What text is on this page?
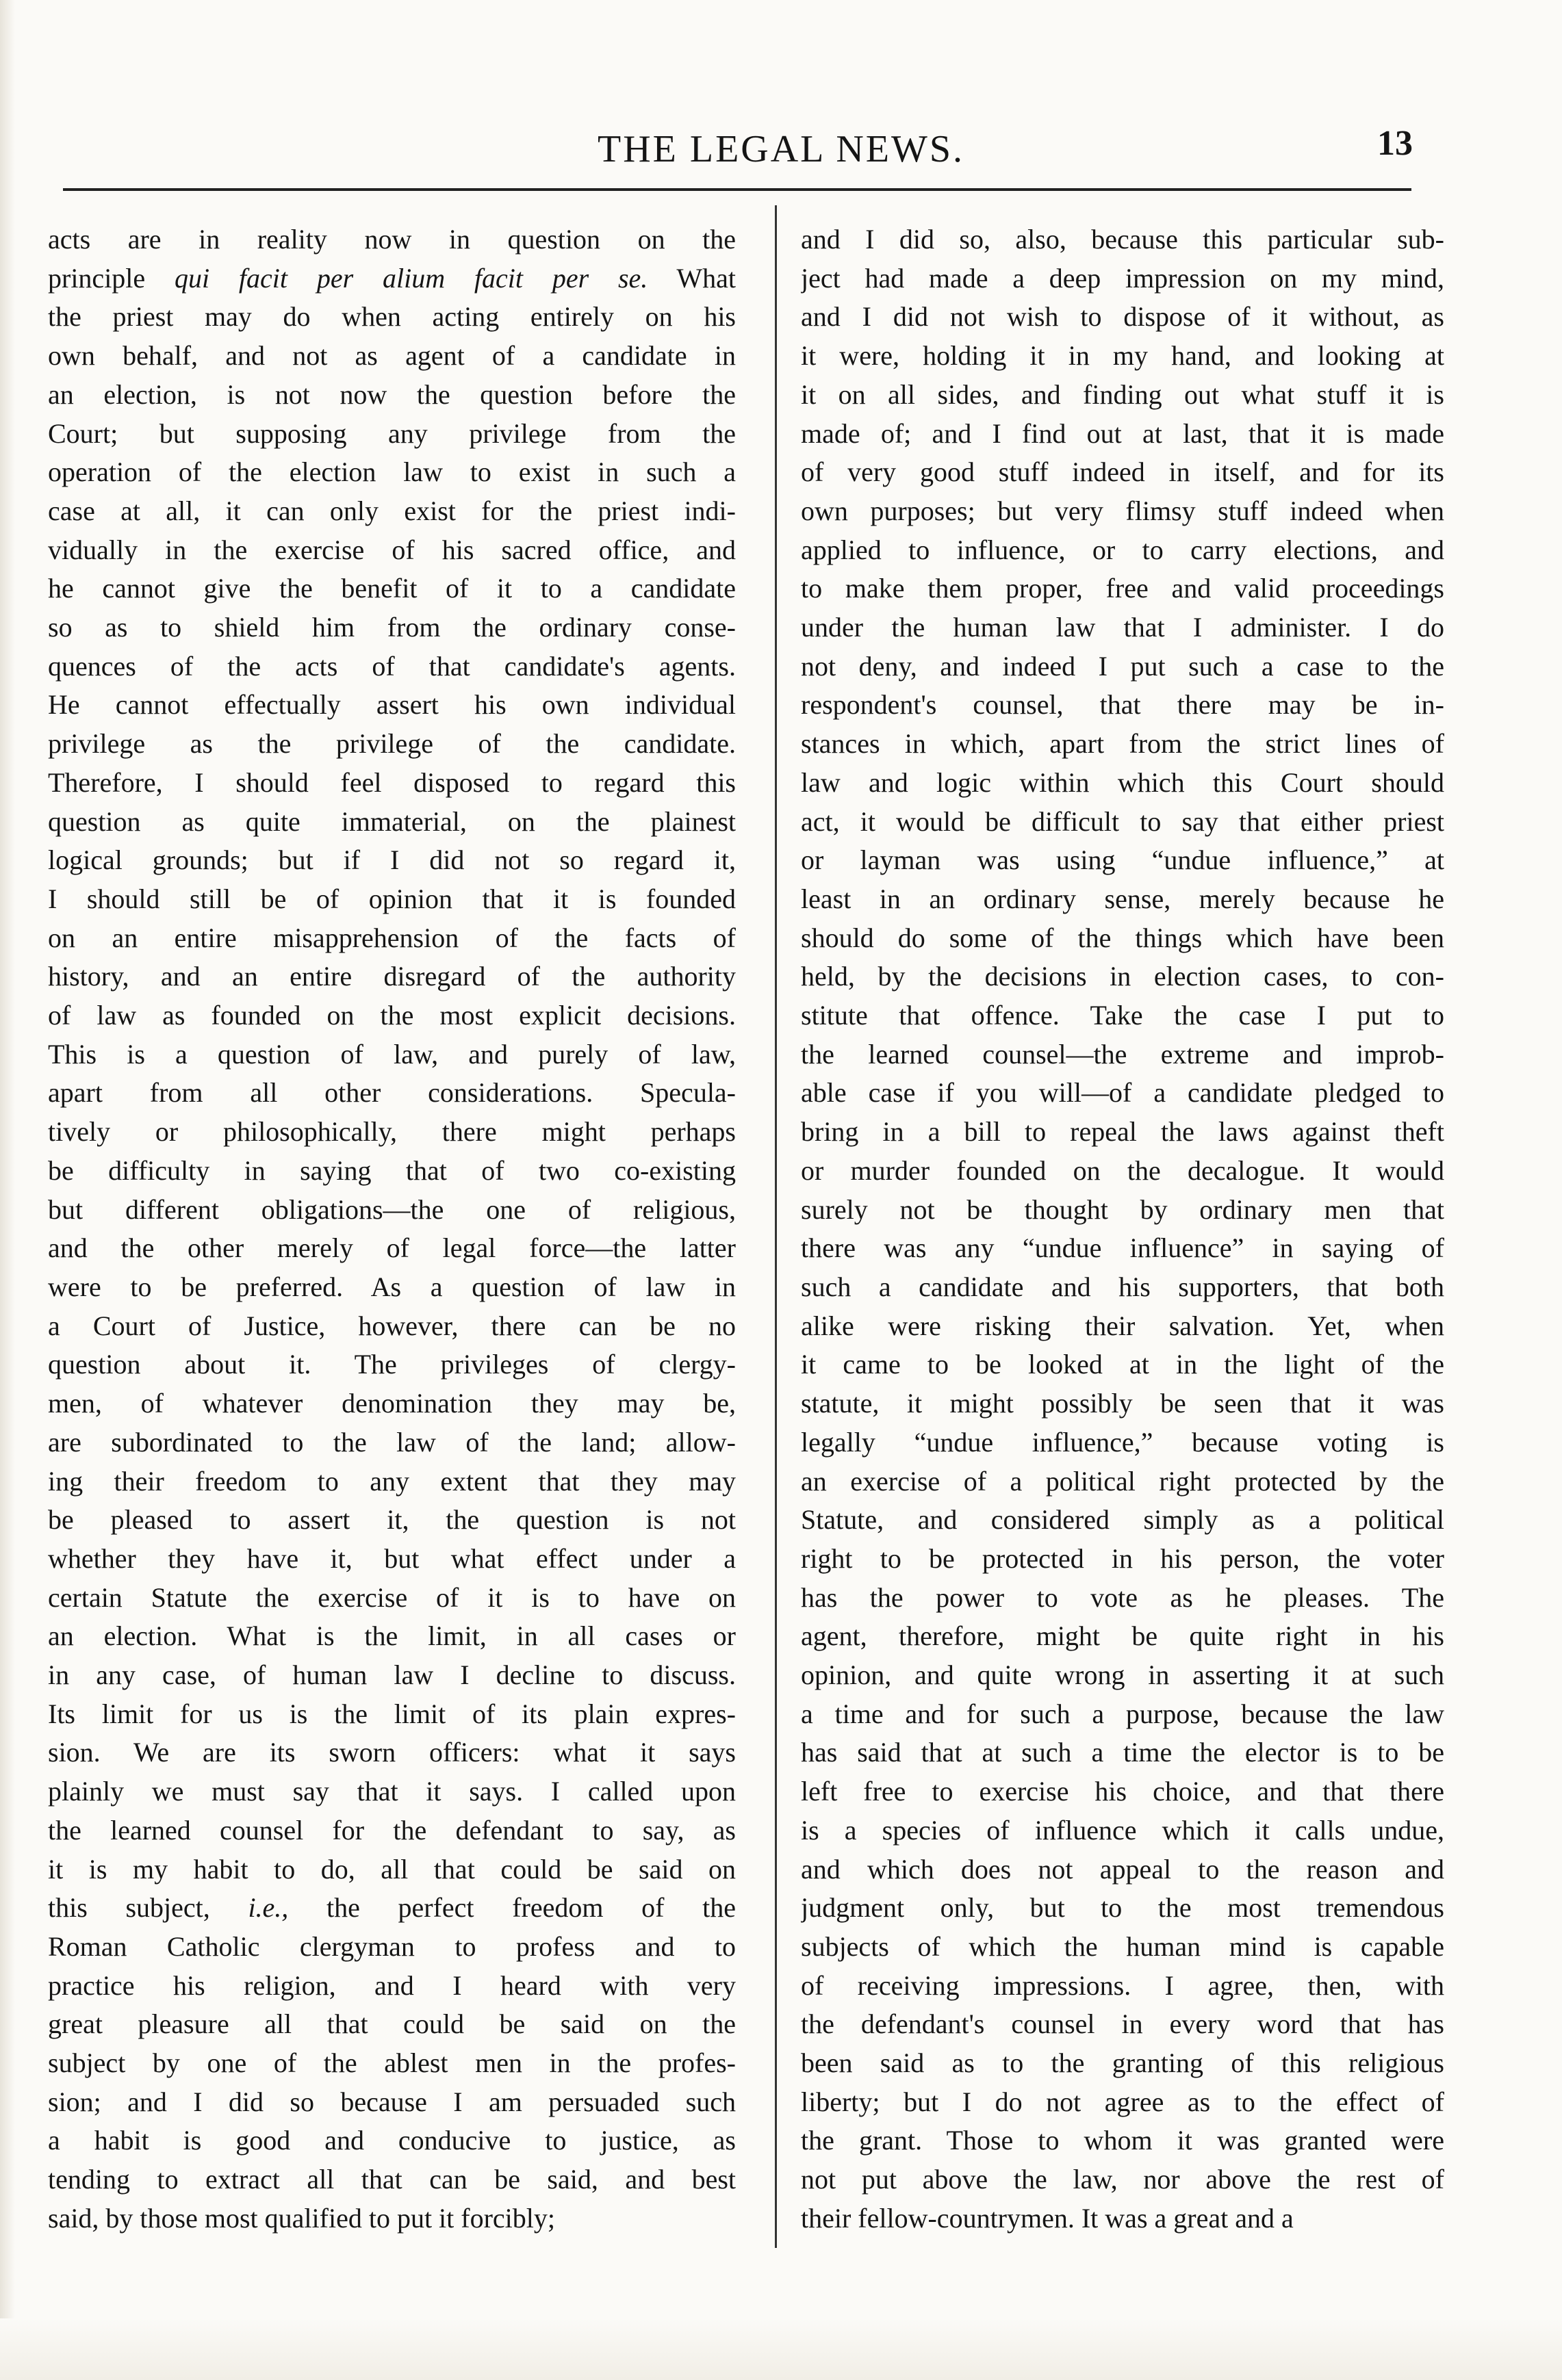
THE LEGAL NEWS.	13
acts are in reality now in question on the
principle qui facit per alium facit per se. What
the priest may do when acting entirely on his
own behalf, and not as agent of a candidate in
an election, is not now the question before the
Court; but supposing any privilege from the
operation of the election law to exist in such a
case at all, it can only exist for the priest indi-
vidually in the exercise of his sacred office, and
he cannot give the benefit of it to a candidate
so as to shield him from the ordinary conse-
quences of the acts of that candidate's agents.
He cannot effectually assert his own individual
privilege as the privilege of the candidate.
Therefore, I should feel disposed to regard this
question as quite immaterial, on the plainest
logical grounds; but if I did not so regard it,
I should still be of opinion that it is founded
on an entire misapprehension of the facts of
history, and an entire disregard of the authority
of law as founded on the most explicit decisions.
This is a question of law, and purely of law,
apart from all other considerations. Specula-
tively or philosophically, there might perhaps
be difficulty in saying that of two co-existing
but different obligations—the one of religious,
and the other merely of legal force—the latter
were to be preferred. As a question of law in
a Court of Justice, however, there can be no
question about it. The privileges of clergy-
men, of whatever denomination they may be,
are subordinated to the law of the land; allow-
ing their freedom to any extent that they may
be pleased to assert it, the question is not
whether they have it, but what effect under a
certain Statute the exercise of it is to have on
an election. What is the limit, in all cases or
in any case, of human law I decline to discuss.
Its limit for us is the limit of its plain expres-
sion. We are its sworn officers: what it says
plainly we must say that it says. I called upon
the learned counsel for the defendant to say, as
it is my habit to do, all that could be said on
this subject, i.e., the perfect freedom of the
Roman Catholic clergyman to profess and to
practice his religion, and I heard with very
great pleasure all that could be said on the
subject by one of the ablest men in the profes-
sion; and I did so because I am persuaded such
a habit is good and conducive to justice, as
tending to extract all that can be said, and best
said, by those most qualified to put it forcibly;
and I did so, also, because this particular sub-
ject had made a deep impression on my mind,
and I did not wish to dispose of it without, as
it were, holding it in my hand, and looking at
it on all sides, and finding out what stuff it is
made of; and I find out at last, that it is made
of very good stuff indeed in itself, and for its
own purposes; but very flimsy stuff indeed when
applied to influence, or to carry elections, and
to make them proper, free and valid proceedings
under the human law that I administer. I do
not deny, and indeed I put such a case to the
respondent's counsel, that there may be in-
stances in which, apart from the strict lines of
law and logic within which this Court should
act, it would be difficult to say that either priest
or layman was using “undue influence,” at
least in an ordinary sense, merely because he
should do some of the things which have been
held, by the decisions in election cases, to con-
stitute that offence. Take the case I put to
the learned counsel—the extreme and improb-
able case if you will—of a candidate pledged to
bring in a bill to repeal the laws against theft
or murder founded on the decalogue. It would
surely not be thought by ordinary men that
there was any “undue influence” in saying of
such a candidate and his supporters, that both
alike were risking their salvation. Yet, when
it came to be looked at in the light of the
statute, it might possibly be seen that it was
legally “undue influence,” because voting is
an exercise of a political right protected by the
Statute, and considered simply as a political
right to be protected in his person, the voter
has the power to vote as he pleases. The
agent, therefore, might be quite right in his
opinion, and quite wrong in asserting it at such
a time and for such a purpose, because the law
has said that at such a time the elector is to be
left free to exercise his choice, and that there
is a species of influence which it calls undue,
and which does not appeal to the reason and
judgment only, but to the most tremendous
subjects of which the human mind is capable
of receiving impressions. I agree, then, with
the defendant's counsel in every word that has
been said as to the granting of this religious
liberty; but I do not agree as to the effect of
the grant. Those to whom it was granted were
not put above the law, nor above the rest of
their fellow-countrymen. It was a great and a
